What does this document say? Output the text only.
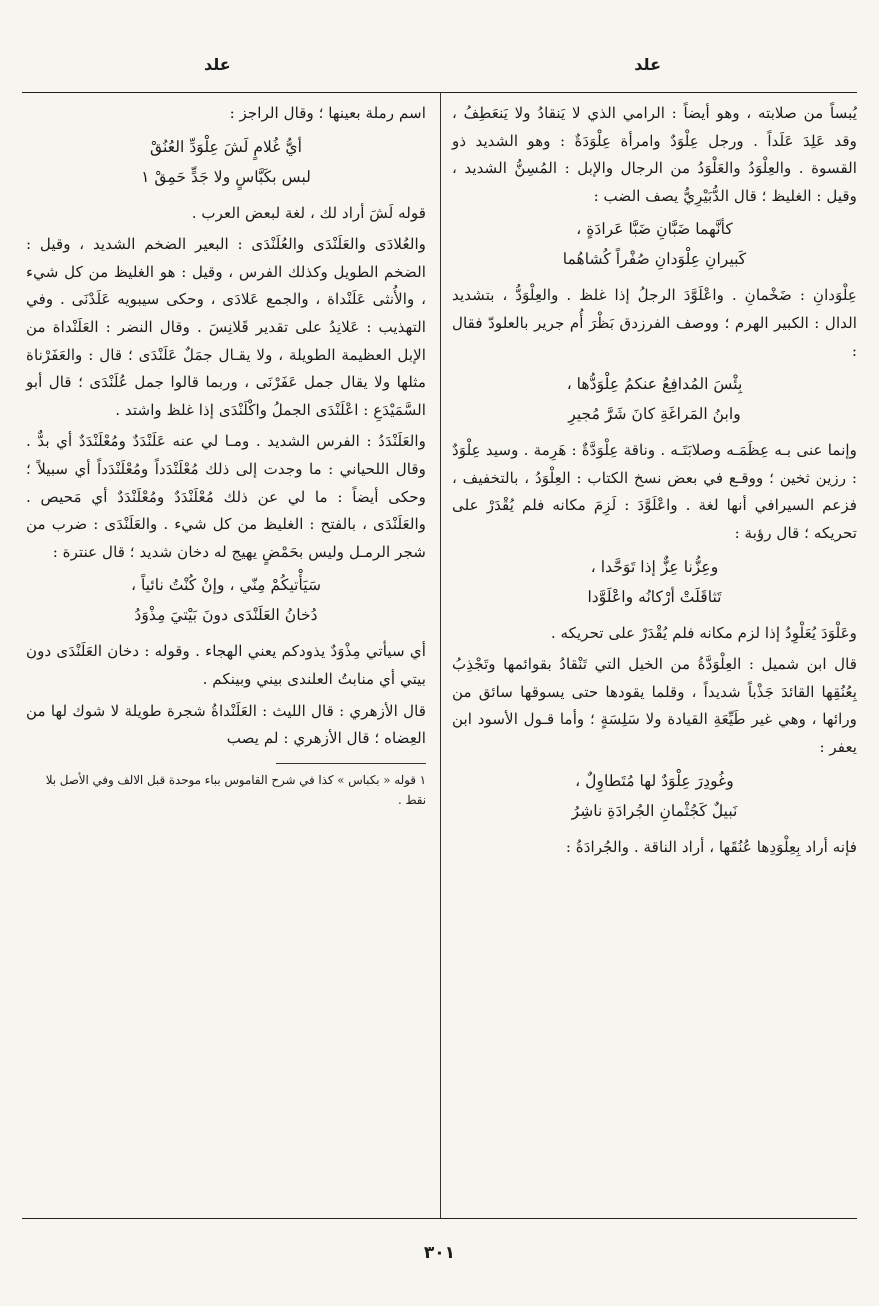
علد
علد

يُبساً من صلابته ، وهو أيضاً : الرامي الذي لا يَنقادُ ولا يَنعَطِفُ ، وقد عَلِدَ عَلَداً . ورجل عِلْوَدٌ وامرأة عِلْوَدَةٌ : وهو الشديد ذو القسوة . والعِلْوَدُ والعَلْوَدُ من الرجال والإبل : المُسِنُّ الشديد ، وقيل : الغليظ ؛ قال الدُّبَيْرِيُّ يصف الضب :

كأنَّهما ضَبَّانِ ضَبَّا عَرادَةٍ ،
كَبيرانِ عِلْوَدانِ صُفْراً كُشاهُما

عِلْوَدانِ : ضَخْمانِ . واعْلَوَّدَ الرجلُ إذا غلظ . والعِلْوَدُّ ، بتشديد الدال : الكبير الهرم ؛ ووصف الفرزدق بَظْرَ أُم جرير بالعلودّ فقال :

بِئْسَ المُدافِعُ عنكمُ عِلْوَدُّها ،
وابنُ المَراغَةِ كانَ شَرَّ مُجيرِ

وإنما عنى بـه عِظَمَـه وصلابَتَـه . وناقة عِلْوَدَّةٌ : هَرِمة . وسيد عِلْوَدٌ : رزين ثخين ؛ ووقـع في بعض نسخ الكتاب : العِلْوَدُ ، بالتخفيف ، فزعم السيرافي أنها لغة . واعْلَوَّدَ : لَزِمَ مكانه فلم يُقْدَرْ على تحريكه ؛ قال رؤبة :

وعِزُّنا عِزٌّ إذا تَوَحَّدا ،
تَثاقَلَتْ أرْكانُه واعْلَوَّدا

وعَلْوَدَ يُعَلْوِدُ إذا لزم مكانه فلم يُقْدَرْ على تحريكه .

قال ابن شميل : العِلْوَدَّةُ من الخيل التي تَنْقادُ بقوائمها وتَجْذِبُ بِعُنُقِها القائدَ جَذْباً شديداً ، وقلما يقودها حتى يسوقها سائق من ورائها ، وهي غير طَيِّعَةِ القيادة ولا سَلِسَةٍ ؛ وأما قـول الأسود ابن يعفر :

وغُودِرَ عِلْوَدٌ لها مُتَطاوِلٌ ،
نَبيلٌ كَجُثْمانِ الجُرادَةِ ناشِرُ

فإنه أراد بِعِلْوَدِها عُنُقَها ، أراد الناقة . والجُرادَةُ :

اسم رملة بعينها ؛ وقال الراجز :

أيُّ غُلامٍ لَشَ عِلْوَدِّ العُنُقْ
لبس بكَبَّاسٍ ولا جَدٍّ حَمِقْ ١

قوله لَشَ أراد لك ، لغة لبعض العرب .

والعُلادَى والعَلَنْدَى والعُلَنْدَى : البعير الضخم الشديد ، وقيل : الضخم الطويل وكذلك الفرس ، وقيل : هو الغليظ من كل شيء ، والأُنثى عَلَنْداة ، والجمع عَلادَى ، وحكى سيبويه عَلَدْنَى . وفي التهذيب : عَلانِدُ على تقدير قَلانِسَ . وقال النضر : العَلَنْداة من الإبل العظيمة الطويلة ، ولا يقـال جمَلٌ عَلَنْدَى ؛ قال : والعَفَرْناة مثلها ولا يقال جمل عَفَرْنَى ، وربما قالوا جمل عُلَنْدَى ؛ قال أبو السَّمَيْدَعِ : اعْلَنْدَى الجملُ واكْلَنْدَى إذا غلظ واشتد .

والعَلَنْدَدُ : الفرس الشديد . ومـا لي عنه عَلَنْدَدٌ ومُعْلَنْدَدٌ أي بدٌّ . وقال اللحياني : ما وجدت إلى ذلك مُعْلَنْدَداً ومُعْلَنْدَداً أي سبيلاً ؛ وحكى أيضاً : ما لي عن ذلك مُعْلَنْدَدٌ ومُعْلَنْدَدٌ أي مَحيص . والعَلَنْدَى ، بالفتح : الغليظ من كل شيء . والعَلَنْدَى : ضرب من شجر الرمـل وليس بحَمْضٍ يهيج له دخان شديد ؛ قال عنترة :

سَيَأْتيكُمْ مِنّي ، وإنْ كُنْتُ نائياً ،
دُخانُ العَلَنْدَى دونَ بَيْتيَ مِذْوَدُ

أي سيأتي مِذْوَدٌ يذودكم يعني الهجاء . وقوله : دخان العَلَنْدَى دون بيتي أي منابتُ العلندى بيني وبينكم .

قال الأزهري : قال الليث : العَلَنْداةُ شجرة طويلة لا شوك لها من العِضاه ؛ قال الأزهري : لم يصب

١ قوله « بكباس » كذا في شرح القاموس بباء موحدة قبل الالف وفي الأصل بلا نقط .
٣٠١
